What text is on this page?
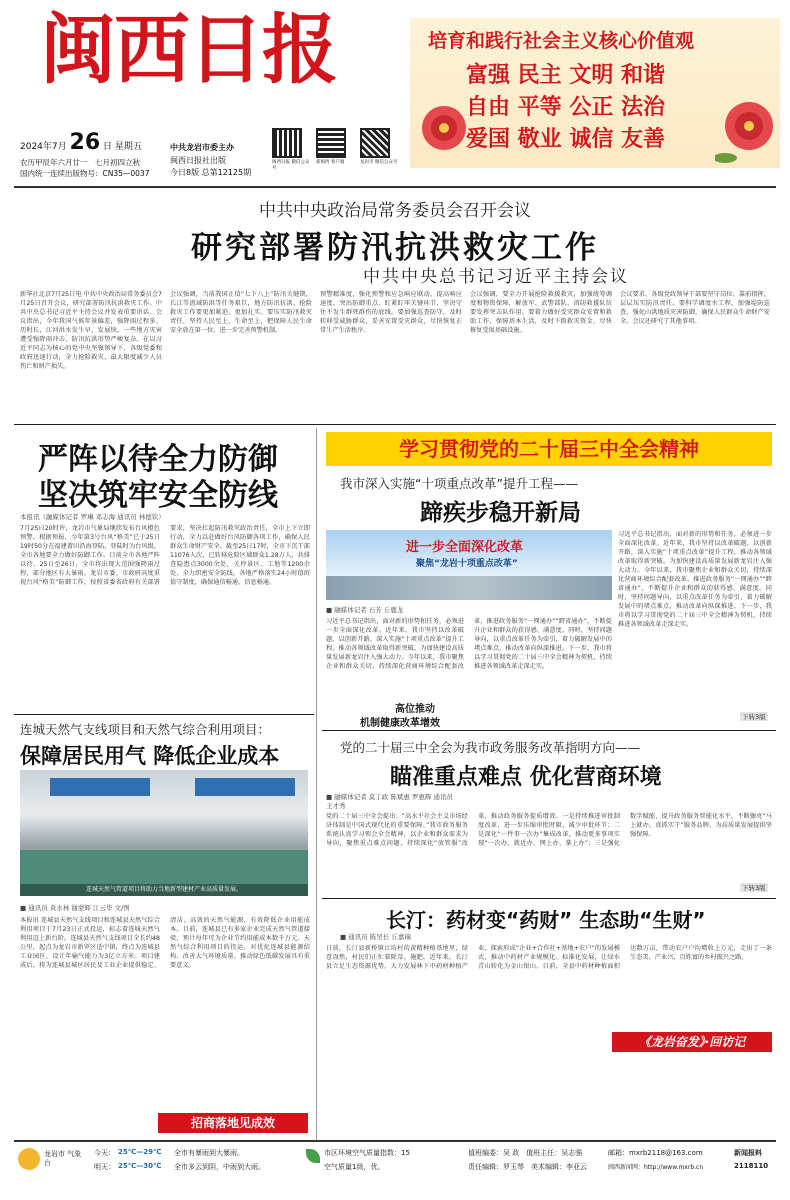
闽西日报	培育和践行社会主义核心价值观
富强 民主 文明 和谐
自由 平等 公正 法治
爱国 敬业 诚信 友善
2024年7月 26 日 星期五
农历甲辰年六月廿一　七月初四立秋
国内统一连续出版物号：CN35—0037
中共龙岩市委主办
闽西日报社出版
今日8版 总第12125期
闽西日报 微信公众号
新闽西 客户端	龙岩市 微信公众号
中共中央政治局常务委员会召开会议
研究部署防汛抗洪救灾工作
中共中央总书记习近平主持会议
新华社北京7月25日电 中共中央政治局常务委员会7月25日召开会议，研究部署防汛抗洪救灾工作。中共中央总书记习近平主持会议并发表重要讲话。会议指出，今年我国气候年景偏差，强降雨过程多、历时长，江河洪水发生早、发展快，一些地方灾害遭受强降雨冲击，防汛抗洪形势严峻复杂。在以习近平同志为核心的党中央坚强领导下，各级党委和政府迅速行动，全力抢险救灾，最大限度减少人员伤亡和财产损失。
会议强调，当前我国正值“七下八上”防汛关键期，长江等流域防洪等任务艰巨，地方防汛抗洪、抢险救灾工作要更加紧迫、更加扎实。要压实防汛救灾责任，坚持人民至上、生命至上，把保障人民生命安全放在第一位，进一步完善预警机制。
预警精准度，强化预警和应急响应联动，提高响应速度，突出防御重点，盯紧盯牢关键环节，坚决守住不发生群死群伤的底线。要加强巡查防守，及时转移受威胁群众，妥善安置受灾群众，尽快恢复正常生产生活秩序。
会议强调，要全力开展抢险救援救灾，加强统筹调度和物资保障，解放军、武警部队、消防救援队伍要发挥突击队作用。要着力做好受灾群众安置和救助工作，保障基本生活，及时下拨救灾资金，尽快修复受损基础设施。
会议要求，各级党政领导干部要坚守岗位、靠前指挥，层层压实防汛责任。要科学调度水工程，加强堤防巡查，强化山洪地质灾害防御，确保人民群众生命财产安全。会议还研究了其他事项。
严阵以待全力防御
坚决筑牢安全防线
本报讯（融媒体记者 罗琳 邓志海 通讯员 林德钦）
7月25日20时许，龙岩市气象局继续发布台风橙色预警，根据预报，今年第3号台风“格美”已于25日19时50分在福建莆田沿海登陆，登陆时为台风级。全市各地要全力做好防御工作。目前全市各地严阵以待，25日至26日，全市将出现大范围强降雨过程，部分地区有大暴雨。龙岩市委、市政府高度重视台风“格美”防御工作，按照省委省政府有关部署要求，坚决扛起防汛救灾政治责任，全市上下立即行动，全力以赴做好台风防御各项工作，确保人民群众生命财产安全。截至25日17时，全市下沉干部11076人次，已转移危险区域群众1.28万人，共排查隐患点3000余处，关停景区、工地等1200余处，全力织密安全防线。各地严格落实24小时值班值守制度，确保通信畅通、信息畅通。
连城天然气支线项目和天然气综合利用项目：
保障居民用气 降低企业成本
连城天然气管道项目将助力当地新型建材产业高质量发展。
■ 通讯员 黄水林 谢蒙辉 江云华 文/图
本报讯 连城县天然气支线项目和连城县天然气综合利用项目于7月23日正式投运，标志着连城天然气利用迈上新台阶。连城县天然气支线项目全长约48公里，起点为龙岩市新罗区适中镇，终点为连城县工业园区，设计年输气能力为3亿立方米。项目建成后，将为连城县城区居民及工业企业提供稳定、清洁、高效的天然气能源，有效降低企业用能成本。目前，连城县已有多家企业完成天然气管道接驳，预计每年可为企业节约用能成本数千万元。天然气综合利用项目的投运，对优化连城县能源结构、改善大气环境质量、推动绿色低碳发展具有重要意义。
招商落地见成效
学习贯彻党的二十届三中全会精神
我市深入实施“十项重点改革”提升工程——
蹄疾步稳开新局
进一步全面深化改革
聚焦“龙岩十项重点改革”
■ 融媒体记者 石芳 丘鹿龙
习近平总书记指出，面对新的形势和任务，必须进一步全面深化改革。近年来，我市坚持以改革破题、以创新开路，深入实施“十项重点改革”提升工程，推动各领域改革取得新突破，为加快建设高质量发展新龙岩注入强大动力。今年以来，我市聚焦企业和群众关切，持续深化营商环境综合配套改革，推进政务服务“一网通办”“跨省通办”，不断提升企业和群众的获得感、满意度。同时，坚持问题导向，以重点改革任务为牵引，着力破解发展中的堵点难点，推动改革向纵深推进。下一步，我市将以学习贯彻党的二十届三中全会精神为契机，持续推进各领域改革走深走实。
高位推动
机制健康改革增效
习近平总书记指出，面对新的形势和任务，必须进一步全面深化改革。近年来，我市坚持以改革破题、以创新开路，深入实施“十项重点改革”提升工程，推动各领域改革取得新突破，为加快建设高质量发展新龙岩注入强大动力。今年以来，我市聚焦企业和群众关切，持续深化营商环境综合配套改革，推进政务服务“一网通办”“跨省通办”，不断提升企业和群众的获得感、满意度。同时，坚持问题导向，以重点改革任务为牵引，着力破解发展中的堵点难点，推动改革向纵深推进。下一步，我市将以学习贯彻党的二十届三中全会精神为契机，持续推进各领域改革走深走实。
下转3版
党的二十届三中全会为我市政务服务改革指明方向——
瞄准重点难点 优化营商环境
■ 融媒体记者 莫丁政 陈斌惠 罗惠辉 通讯员 王才秀
党的二十届三中全会提出：“高水平社会主义市场经济体制是中国式现代化的重要保障。”我市政务服务系统认真学习领会全会精神，以企业和群众需求为导向，聚焦重点难点问题，持续深化“放管服”改革，推动政务服务提质增效。一是持续推进审批制度改革，进一步压缩审批时限、减少审批环节；二是深化“一件事一次办”集成改革，推动更多事项实现“一次办、就近办、网上办、掌上办”；三是强化数字赋能，提升政务服务智能化水平，不断擦亮“马上就办、真抓实干”服务品牌，为高质量发展提供坚强保障。
下转3版
长汀：药材变“药财” 生态助“生财”
■ 通讯员 陈吴长 丘嘉瑞
日前，长汀县新桥镇江坊村的黄精种植基地里，绿意盎然，村民们正忙着除草、施肥。近年来，长汀县立足生态资源优势，大力发展林下中药材种植产业，探索形成“企业+合作社+基地+农户”的发展模式，推动中药材产业规模化、标准化发展，让绿水青山转化为金山银山。目前，全县中药材种植面积达数万亩，带动农户户均增收上万元，走出了一条生态美、产业兴、百姓富的乡村振兴之路。
《龙岩奋发》·回访记
龙岩市 气象台
今天： 25℃—29℃ 全市有暴雨到大暴雨。
明天： 25℃—30℃ 全市多云到阴，中雨到大雨。
市区环境空气质量指数：15
空气质量1级，优。
值班编委：吴 政　值班主任：吴志强
责任编辑：罗玉琴　美术编辑：李亚云
邮箱：mxrb2118@163.com
闽西新闻网：http://www.mxrb.cn
新闻报料
2118110
